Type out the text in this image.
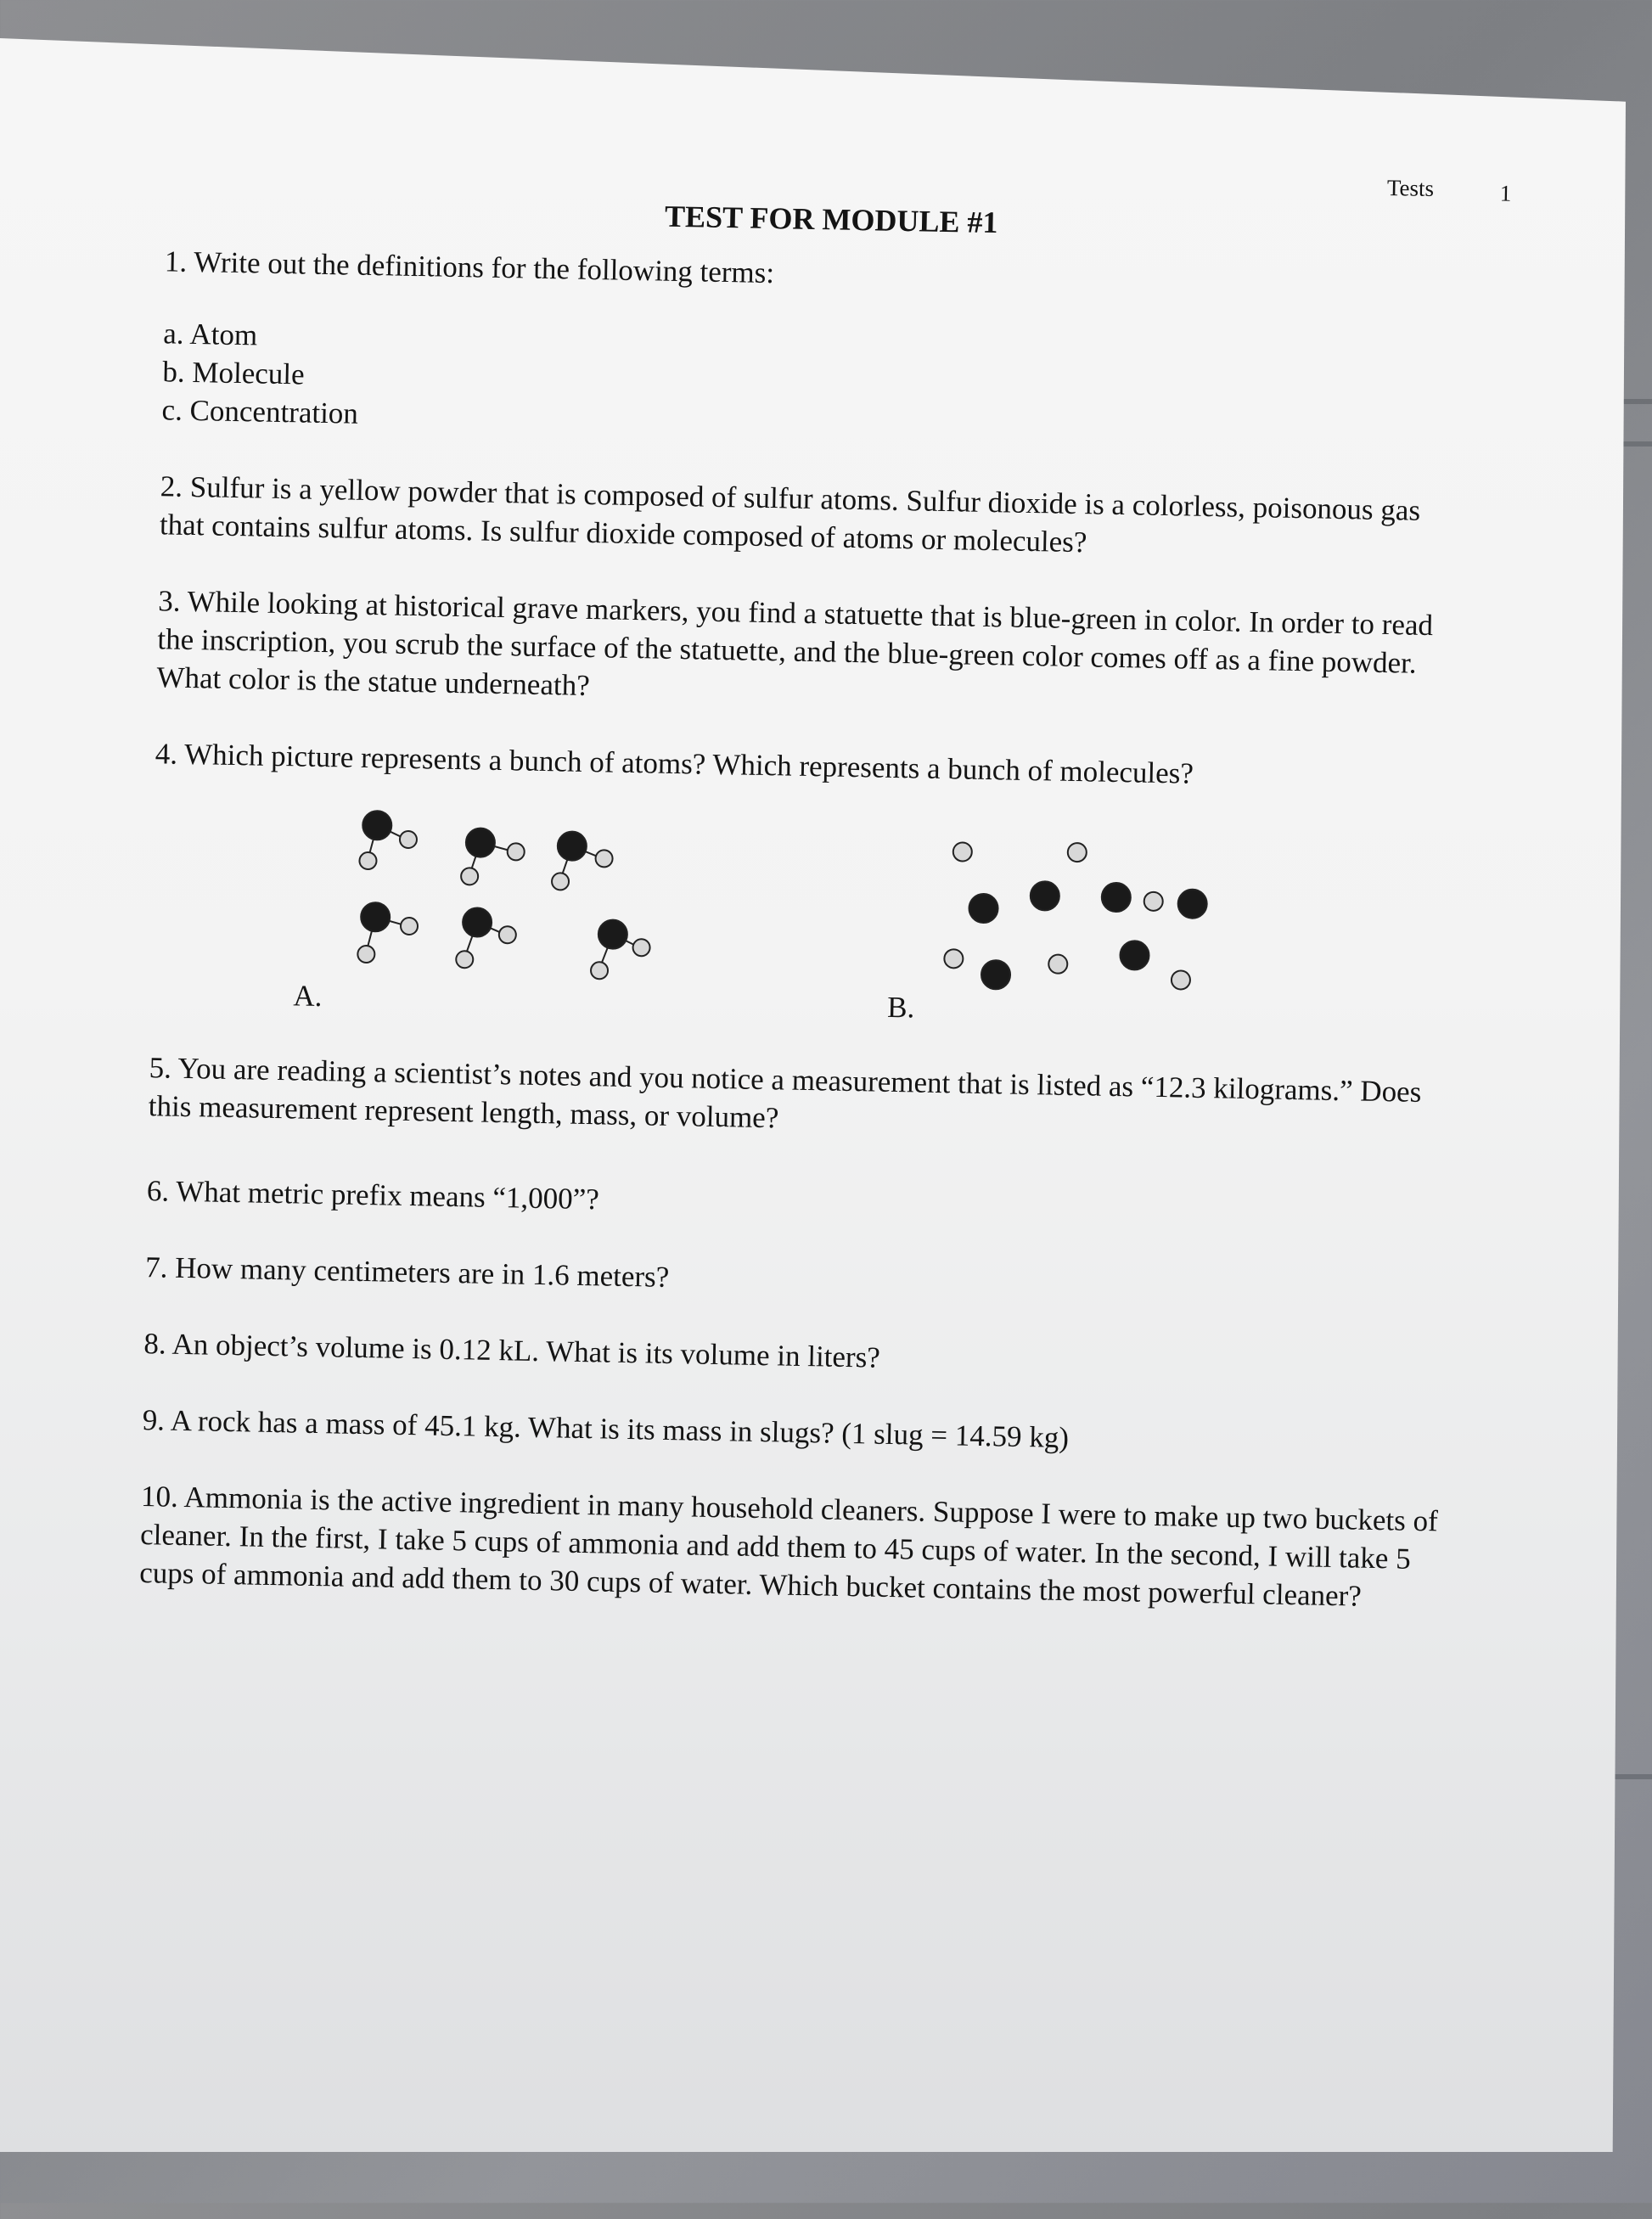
Tests	1
TEST FOR MODULE #1
1. Write out the definitions for the following terms:
a. Atom
b. Molecule
c. Concentration
2. Sulfur is a yellow powder that is composed of sulfur atoms. Sulfur dioxide is a colorless, poisonous gas that contains sulfur atoms. Is sulfur dioxide composed of atoms or molecules?
3. While looking at historical grave markers, you find a statuette that is blue-green in color. In order to read the inscription, you scrub the surface of the statuette, and the blue-green color comes off as a fine powder. What color is the statue underneath?
4. Which picture represents a bunch of atoms? Which represents a bunch of molecules?
A.	B.
5. You are reading a scientist’s notes and you notice a measurement that is listed as “12.3 kilograms.” Does this measurement represent length, mass, or volume?
6. What metric prefix means “1,000”?
7. How many centimeters are in 1.6 meters?
8. An object’s volume is 0.12 kL. What is its volume in liters?
9. A rock has a mass of 45.1 kg. What is its mass in slugs? (1 slug = 14.59 kg)
10. Ammonia is the active ingredient in many household cleaners. Suppose I were to make up two buckets of cleaner. In the first, I take 5 cups of ammonia and add them to 45 cups of water. In the second, I will take 5 cups of ammonia and add them to 30 cups of water. Which bucket contains the most powerful cleaner?
